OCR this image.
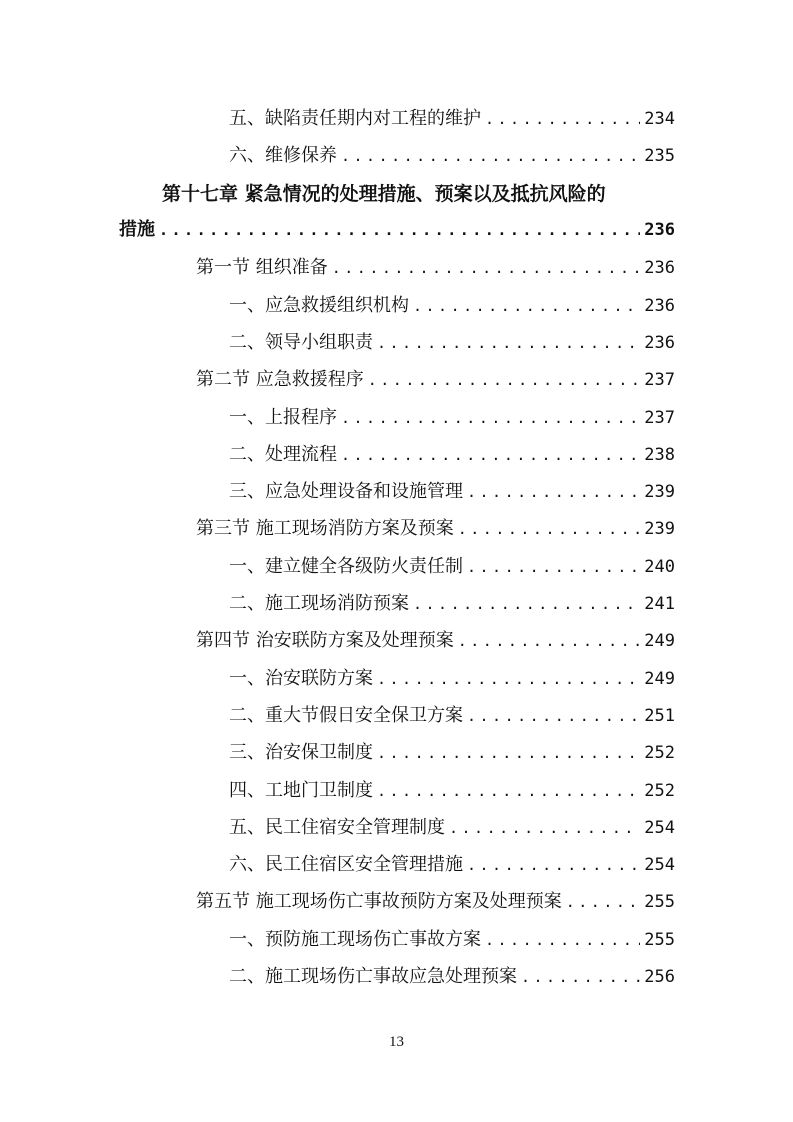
五、缺陷责任期内对工程的维护 .....	234
六、维修保养 .....	235
第十七章 紧急情况的处理措施、预案以及抵抗风险的
措施 .....	236
第一节 组织准备 .....	236
一、应急救援组织机构 .....	236
二、领导小组职责 .....	236
第二节 应急救援程序 .....	237
一、上报程序 .....	237
二、处理流程 .....	238
三、应急处理设备和设施管理 .....	239
第三节 施工现场消防方案及预案 .....	239
一、建立健全各级防火责任制 .....	240
二、施工现场消防预案 .....	241
第四节 治安联防方案及处理预案 .....	249
一、治安联防方案 .....	249
二、重大节假日安全保卫方案 .....	251
三、治安保卫制度 .....	252
四、工地门卫制度 .....	252
五、民工住宿安全管理制度 .....	254
六、民工住宿区安全管理措施 .....	254
第五节 施工现场伤亡事故预防方案及处理预案 .....	255
一、预防施工现场伤亡事故方案 .....	255
二、施工现场伤亡事故应急处理预案 .....	256
13
